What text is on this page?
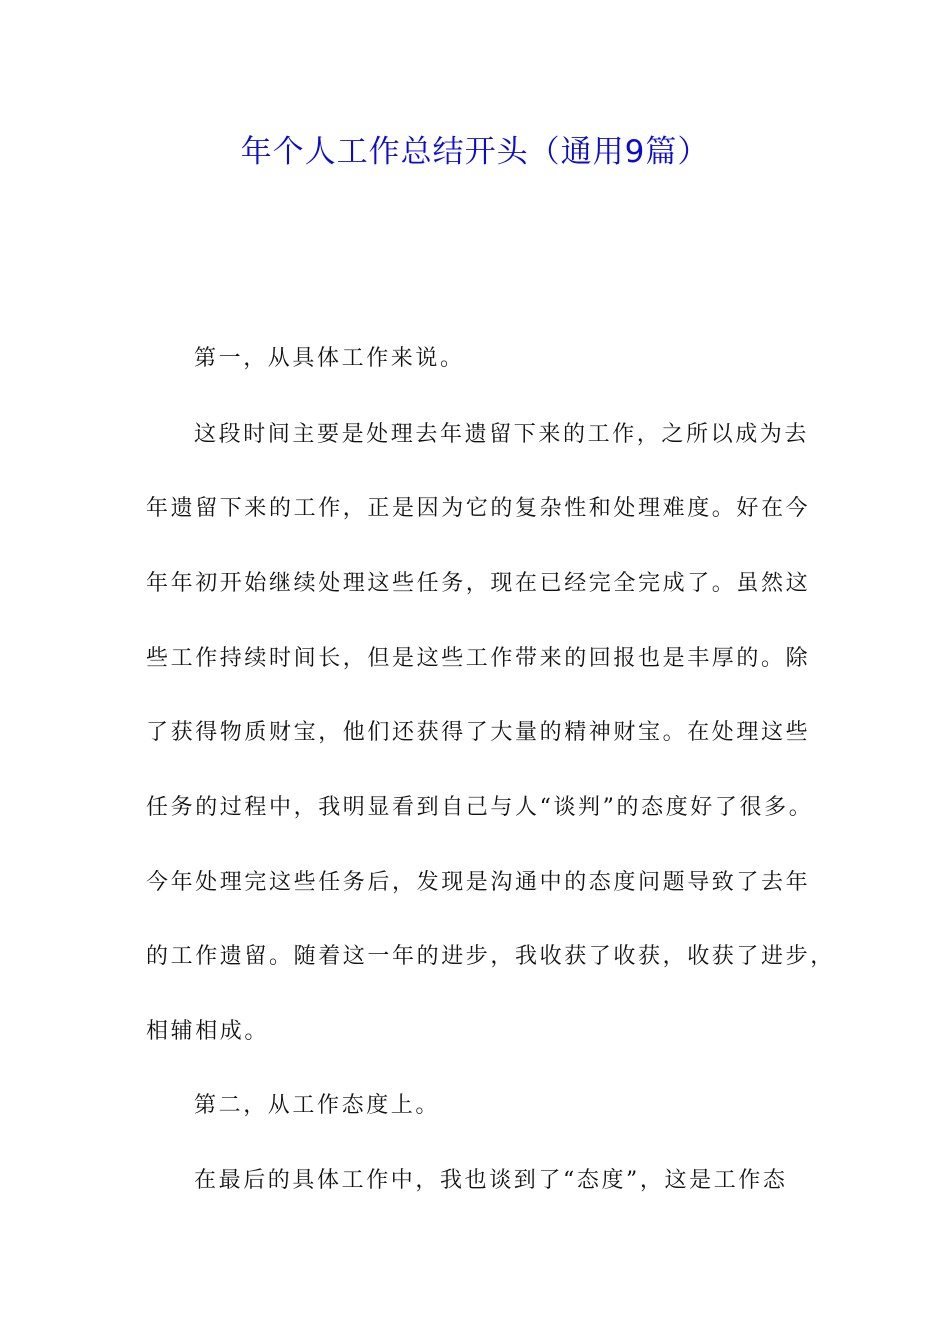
年个人工作总结开头（通用9篇）
第一，从具体工作来说。
这段时间主要是处理去年遗留下来的工作，之所以成为去
年遗留下来的工作，正是因为它的复杂性和处理难度。好在今
年年初开始继续处理这些任务，现在已经完全完成了。虽然这
些工作持续时间长，但是这些工作带来的回报也是丰厚的。除
了获得物质财宝，他们还获得了大量的精神财宝。在处理这些
任务的过程中，我明显看到自己与人“谈判”的态度好了很多。
今年处理完这些任务后，发现是沟通中的态度问题导致了去年
的工作遗留。随着这一年的进步，我收获了收获，收获了进步，
相辅相成。
第二，从工作态度上。
在最后的具体工作中，我也谈到了“态度”，这是工作态
